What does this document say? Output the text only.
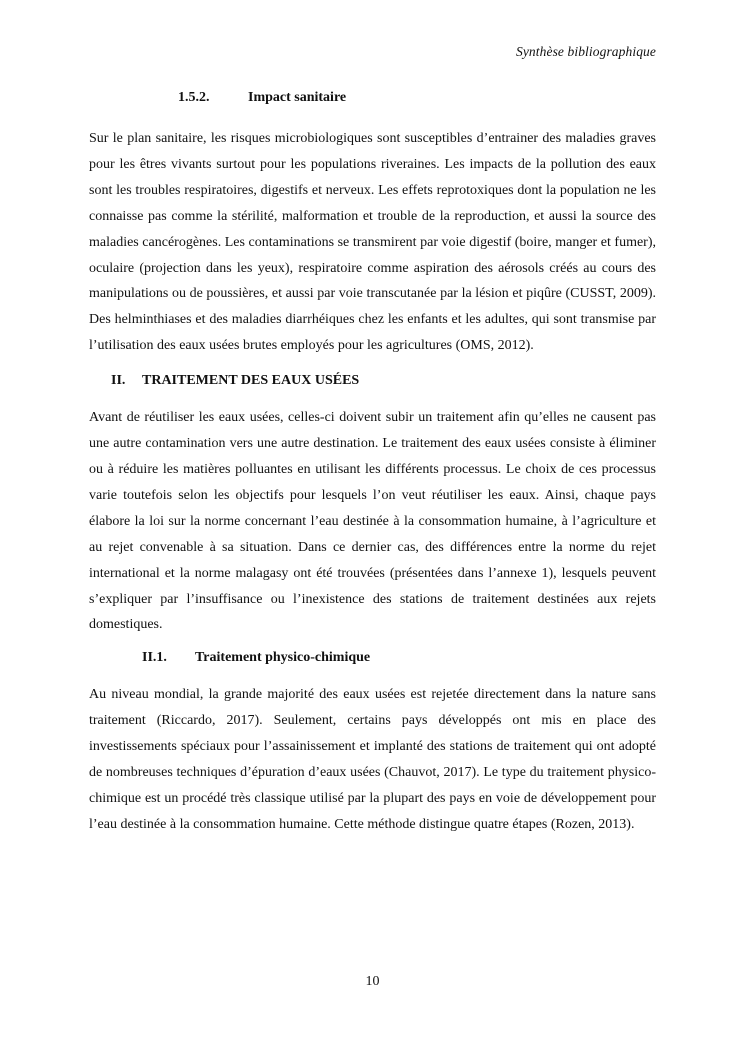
Synthèse bibliographique
1.5.2.	Impact sanitaire

Sur le plan sanitaire, les risques microbiologiques sont susceptibles d’entrainer des maladies graves pour les êtres vivants surtout pour les populations riveraines. Les impacts de la pollution des eaux sont les troubles respiratoires, digestifs et nerveux. Les effets reprotoxiques dont la population ne les connaisse pas comme la stérilité, malformation et trouble de la reproduction, et aussi la source des maladies cancérogènes. Les contaminations se transmirent par voie digestif (boire, manger et fumer), oculaire (projection dans les yeux), respiratoire comme aspiration des aérosols créés au cours des manipulations ou de poussières, et aussi par voie transcutanée par la lésion et piqûre (CUSST, 2009). Des helminthiases et des maladies diarrhéiques chez les enfants et les adultes, qui sont transmise par l’utilisation des eaux usées brutes employés pour les agricultures (OMS, 2012).

II. TRAITEMENT DES EAUX USÉES

Avant de réutiliser les eaux usées, celles-ci doivent subir un traitement afin qu’elles ne causent pas une autre contamination vers une autre destination. Le traitement des eaux usées consiste à éliminer ou à réduire les matières polluantes en utilisant les différents processus. Le choix de ces processus varie toutefois selon les objectifs pour lesquels l’on veut réutiliser les eaux. Ainsi, chaque pays élabore la loi sur la norme concernant l’eau destinée à la consommation humaine, à l’agriculture et au rejet convenable à sa situation. Dans ce dernier cas, des différences entre la norme du rejet international et la norme malagasy ont été trouvées (présentées dans l’annexe 1), lesquels peuvent s’expliquer par l’insuffisance ou l’inexistence des stations de traitement destinées aux rejets domestiques.

II.1. Traitement physico-chimique

Au niveau mondial, la grande majorité des eaux usées est rejetée directement dans la nature sans traitement (Riccardo, 2017). Seulement, certains pays développés ont mis en place des investissements spéciaux pour l’assainissement et implanté des stations de traitement qui ont adopté de nombreuses techniques d’épuration d’eaux usées (Chauvot, 2017). Le type du traitement physico-chimique est un procédé très classique utilisé par la plupart des pays en voie de développement pour l’eau destinée à la consommation humaine. Cette méthode distingue quatre étapes (Rozen, 2013).

10
